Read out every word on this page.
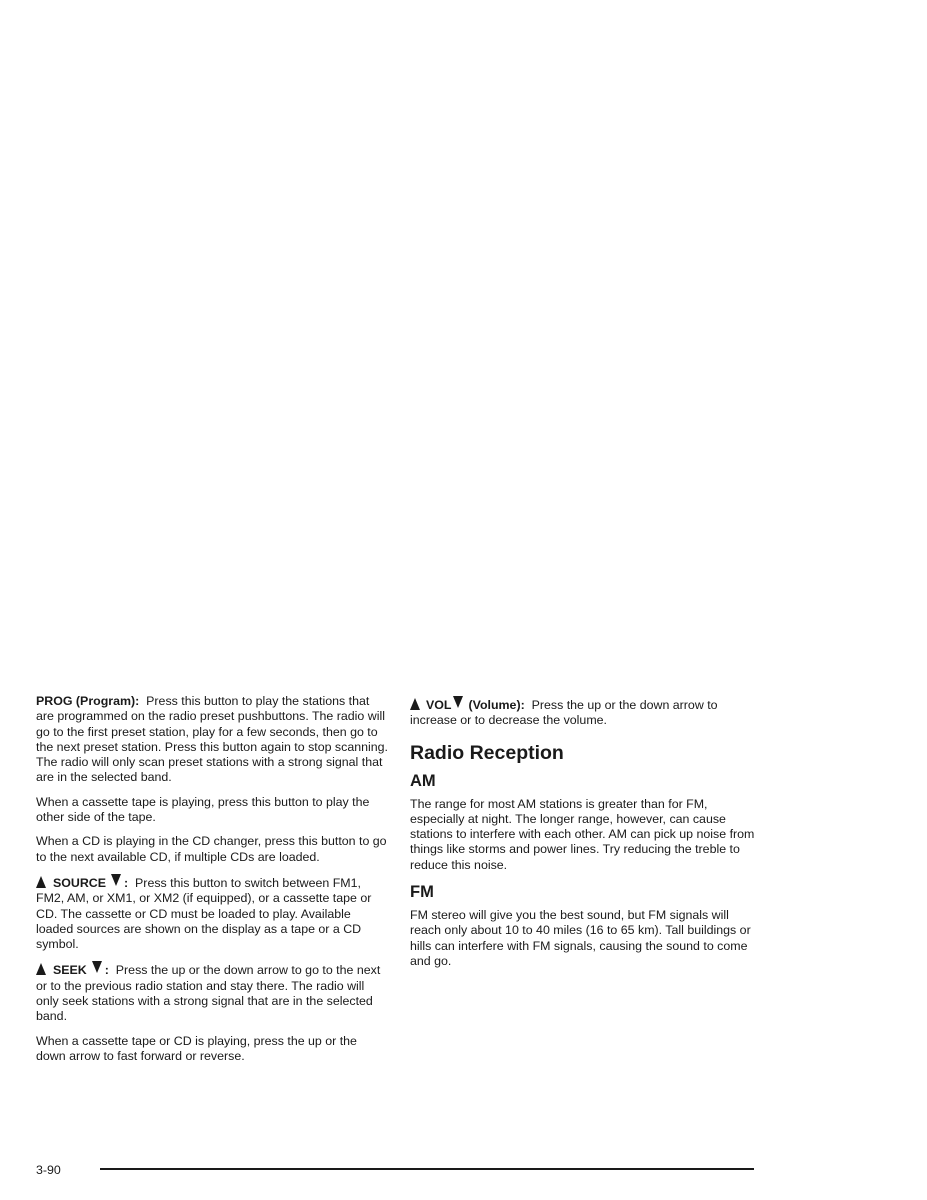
PROG (Program): Press this button to play the stations that are programmed on the radio preset pushbuttons. The radio will go to the first preset station, play for a few seconds, then go to the next preset station. Press this button again to stop scanning. The radio will only scan preset stations with a strong signal that are in the selected band.

When a cassette tape is playing, press this button to play the other side of the tape.

When a CD is playing in the CD changer, press this button to go to the next available CD, if multiple CDs are loaded.

SOURCE : Press this button to switch between FM1, FM2, AM, or XM1, or XM2 (if equipped), or a cassette tape or CD. The cassette or CD must be loaded to play. Available loaded sources are shown on the display as a tape or a CD symbol.

SEEK : Press the up or the down arrow to go to the next or to the previous radio station and stay there. The radio will only seek stations with a strong signal that are in the selected band.

When a cassette tape or CD is playing, press the up or the down arrow to fast forward or reverse.

VOL (Volume): Press the up or the down arrow to increase or to decrease the volume.

Radio Reception
AM

The range for most AM stations is greater than for FM, especially at night. The longer range, however, can cause stations to interfere with each other. AM can pick up noise from things like storms and power lines. Try reducing the treble to reduce this noise.

FM

FM stereo will give you the best sound, but FM signals will reach only about 10 to 40 miles (16 to 65 km). Tall buildings or hills can interfere with FM signals, causing the sound to come and go.

3-90
